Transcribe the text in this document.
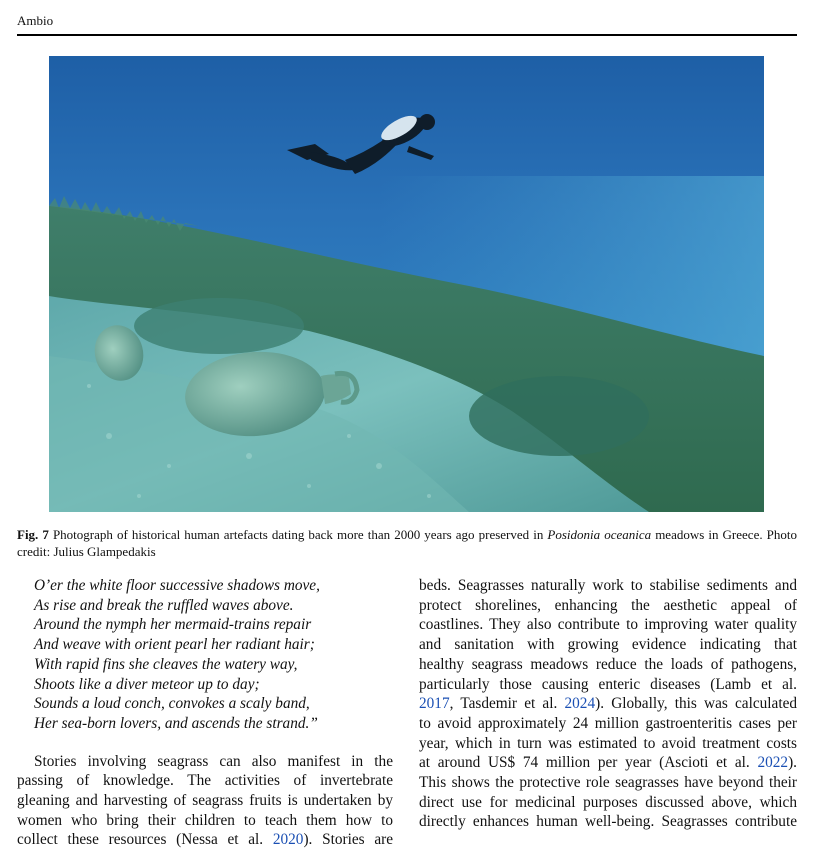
Ambio
Fig. 7 Photograph of historical human artefacts dating back more than 2000 years ago preserved in Posidonia oceanica meadows in Greece. Photo credit: Julius Glampedakis
O’er the white floor successive shadows move,
As rise and break the ruffled waves above.
Around the nymph her mermaid-trains repair
And weave with orient pearl her radiant hair;
With rapid fins she cleaves the watery way,
Shoots like a diver meteor up to day;
Sounds a loud conch, convokes a scaly band,
Her sea-born lovers, and ascends the strand.”
Stories involving seagrass can also manifest in the
passing of knowledge. The activities of invertebrate
gleaning and harvesting of seagrass fruits is undertaken by
women who bring their children to teach them how to
collect these resources (Nessa et al. 2020). Stories are
beds. Seagrasses naturally work to stabilise sediments and
protect shorelines, enhancing the aesthetic appeal of
coastlines. They also contribute to improving water quality
and sanitation with growing evidence indicating that
healthy seagrass meadows reduce the loads of pathogens,
particularly those causing enteric diseases (Lamb et al.
2017, Tasdemir et al. 2024). Globally, this was calculated
to avoid approximately 24 million gastroenteritis cases per
year, which in turn was estimated to avoid treatment costs
at around US$ 74 million per year (Ascioti et al. 2022).
This shows the protective role seagrasses have beyond their
direct use for medicinal purposes discussed above, which
directly enhances human well-being. Seagrasses contribute
